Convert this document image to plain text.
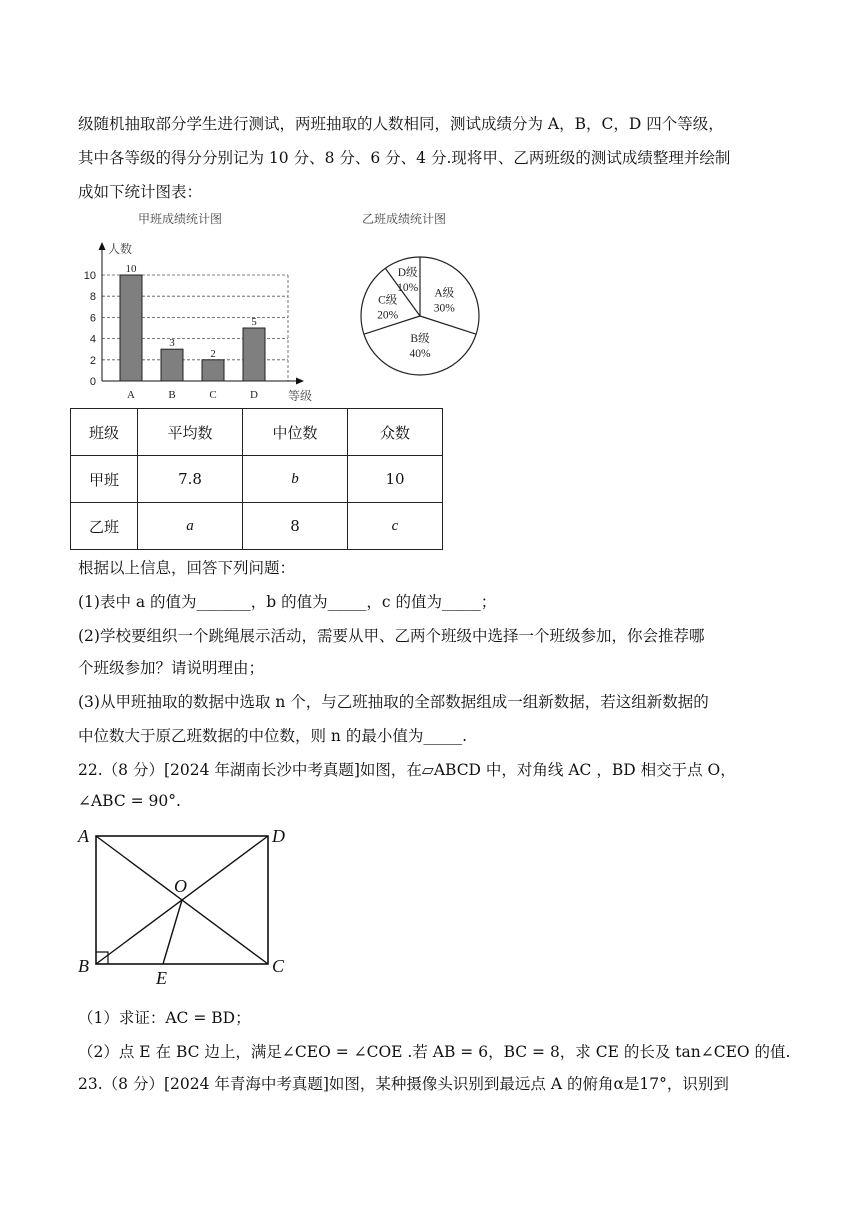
级随机抽取部分学生进行测试，两班抽取的人数相同，测试成绩分为 A，B，C，D 四个等级，
其中各等级的得分分别记为 10 分、8 分、6 分、4 分.现将甲、乙两班级的测试成绩整理并绘制
成如下统计图表：
甲班成绩统计图
0
2
4
6
8
10
人数
等级
10
A
3
B
2
C
5
D
乙班成绩统计图
A级
30%
B级
40%
C级
20%
D级
10%
班级	平均数	中位数	众数
甲班	7.8	b	10
乙班	a	8	c
根据以上信息，回答下列问题：
(1)表中 a 的值为_______，b 的值为_____，c 的值为_____；
(2)学校要组织一个跳绳展示活动，需要从甲、乙两个班级中选择一个班级参加，你会推荐哪
个班级参加？请说明理由；
(3)从甲班抽取的数据中选取 n 个，与乙班抽取的全部数据组成一组新数据，若这组新数据的
中位数大于原乙班数据的中位数，则 n 的最小值为_____.
22.（8 分）[2024 年湖南长沙中考真题]如图，在▱ABCD 中，对角线 AC ，BD 相交于点 O，
∠ABC = 90°.
A	D
O
B
E
C
（1）求证：AC = BD；
（2）点 E 在 BC 边上，满足∠CEO = ∠COE .若 AB = 6，BC = 8，求 CE 的长及 tan∠CEO 的值.
23.（8 分）[2024 年青海中考真题]如图，某种摄像头识别到最远点 A 的俯角α是17°，识别到
